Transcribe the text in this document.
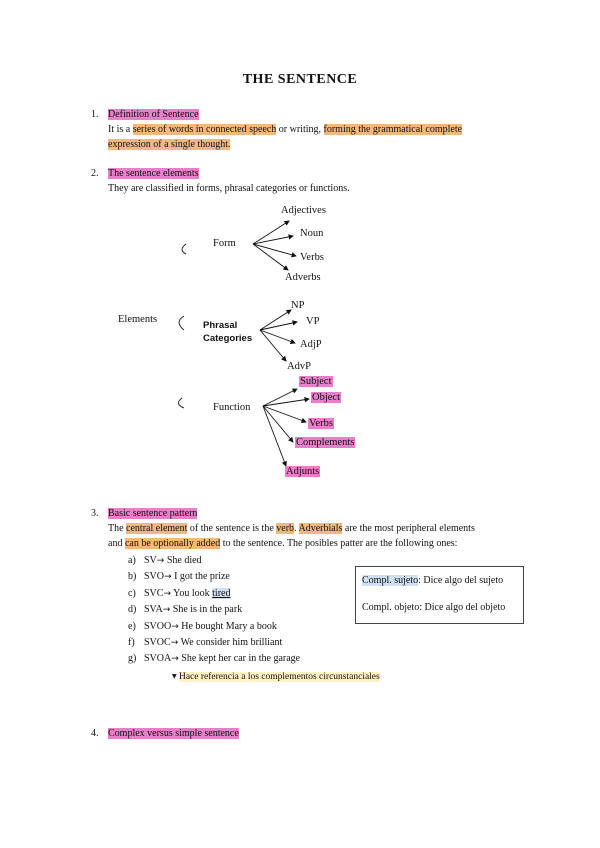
THE SENTENCE
1. Definition of Sentence
It is a series of words in connected speech or writing, forming the grammatical complete
expression of a single thought.
2. The sentence elements
They are classified in forms, phrasal categories or functions.
Elements
Form
Adjectives
Noun
Verbs
Adverbs
Phrasal
Categories
NP
VP
AdjP
AdvP
Function
Subject
Object
Verbs
Complements
Adjunts
3. Basic sentence pattern
The central element of the sentence is the verb. Adverbials are the most peripheral elements
and can be optionally added to the sentence. The posibles patter are the following ones:
a) SV→ She died
b) SVO→ I got the prize
c) SVC→ You look tired
d) SVA→ She is in the park
e) SVOO→ He bought Mary a book
f) SVOC→ We consider him brilliant
g) SVOA→ She kept her car in the garage
Compl. sujeto: Dice algo del sujeto
Compl. objeto: Dice algo del objeto
▼ Hace referencia a los complementos circunstanciales
4. Complex versus simple sentence
